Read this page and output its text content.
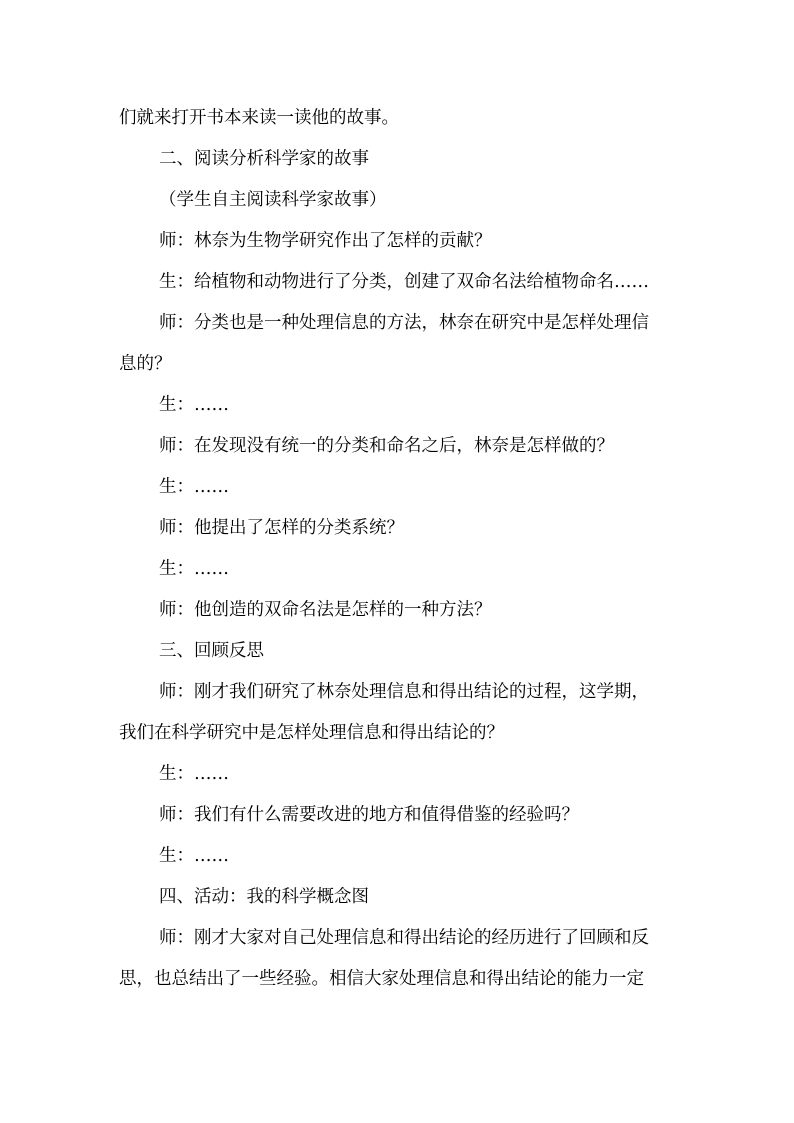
们就来打开书本来读一读他的故事。

二、阅读分析科学家的故事

（学生自主阅读科学家故事）

师：林奈为生物学研究作出了怎样的贡献？

生：给植物和动物进行了分类，创建了双命名法给植物命名……

师：分类也是一种处理信息的方法，林奈在研究中是怎样处理信

息的？

生：……

师：在发现没有统一的分类和命名之后，林奈是怎样做的？

生：……

师：他提出了怎样的分类系统？

生：……

师：他创造的双命名法是怎样的一种方法？

三、回顾反思

师：刚才我们研究了林奈处理信息和得出结论的过程，这学期，

我们在科学研究中是怎样处理信息和得出结论的？

生：……

师：我们有什么需要改进的地方和值得借鉴的经验吗？

生：……

四、活动：我的科学概念图

师：刚才大家对自己处理信息和得出结论的经历进行了回顾和反

思，也总结出了一些经验。相信大家处理信息和得出结论的能力一定
